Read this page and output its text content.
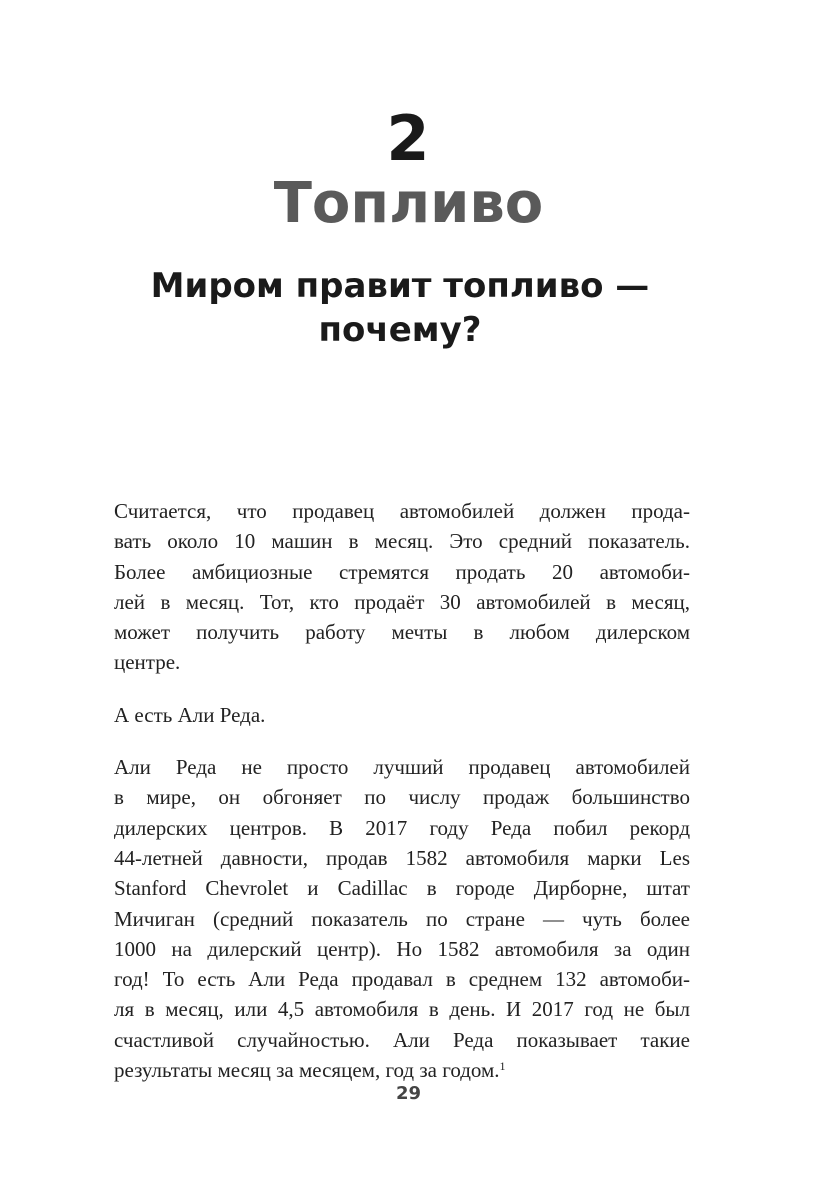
2
Топливо
Миром правит топливо —
почему?

Считается, что продавец автомобилей должен прода-
вать около 10 машин в месяц. Это средний показатель.
Более амбициозные стремятся продать 20 автомоби-
лей в месяц. Тот, кто продаёт 30 автомобилей в месяц,
может получить работу мечты в любом дилерском
центре.

А есть Али Реда.

Али Реда не просто лучший продавец автомобилей
в мире, он обгоняет по числу продаж большинство
дилерских центров. В 2017 году Реда побил рекорд
44-летней давности, продав 1582 автомобиля марки Les
Stanford Chevrolet и Cadillac в городе Дирборне, штат
Мичиган (средний показатель по стране — чуть более
1000 на дилерский центр). Но 1582 автомобиля за один
год! То есть Али Реда продавал в среднем 132 автомоби-
ля в месяц, или 4,5 автомобиля в день. И 2017 год не был
счастливой случайностью. Али Реда показывает такие
результаты месяц за месяцем, год за годом.$^1$

29
